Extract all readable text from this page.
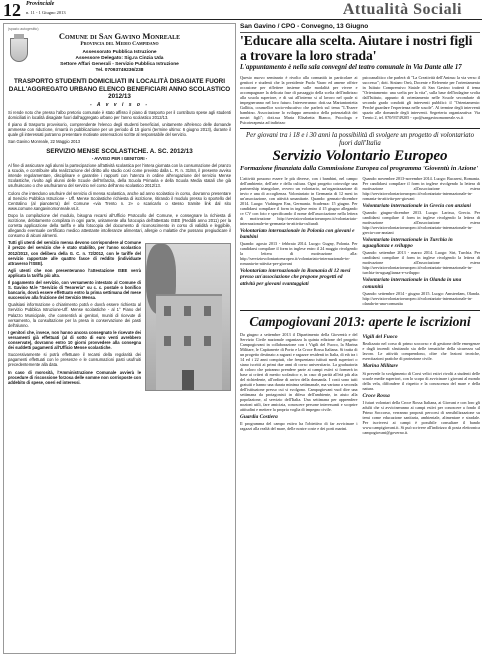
12 Provinciale
n. 11 - 1 Giugno 2013	Attualità Sociali
(spazio autogestito)
Comune di San Gavino Monreale
Provincia del Medio Campidano
Assessorato Pubblica Istruzione
Assessore Delegato: Sig.ra Cinzia Uda
Settore Affari Generali - Servizio Pubblica Istruzione
Tel. 07093749236/238
TRASPORTO STUDENTI DOMICILIATI IN LOCALITÀ DISAGIATE FUORI DALL'AGGREGATO URBANO ELENCO BENEFICIARI ANNO SCOLASTICO 2012/13
- A v v i s o -
Si rende noto che presso l'albo pretorio comunale è stato affisso il piano di trasporto per il contributo spese agli studenti domiciliati in località disagiate fuori dall'aggregato urbano per l'anno scolastico 2012/13.
Il piano di trasporto provvisorio, comprendente l'elenco degli studenti beneficiari, unitamente all'elenco delle domande ammesse con riduzione, rimarrà in pubblicazione per un periodo di 15 giorni (termine ultimo: 6 giugno 2013), durante il quale gli interessati potranno presentare motivate osservazioni scritte al responsabile del servizio.
San Gavino Monreale, 22 Maggio 2013
SERVIZIO MENSE SCOLASTICHE. A. SC. 2012/13
- AVVISO PER I GENITORI -
Al fine di assicurare agli alunni la partecipazione all'attività scolastica per l'intera giornata con la consumazione del pranzo a scuola, e contribuire alla realizzazione del diritto allo studio così come previsto dalla L. R. n. 31/84, il presente avviso intende regolamentare, disciplinare e garantire i rapporti con l'utenza in ordine all'erogazione del servizio Mense Scolastiche, rivolto agli alunni delle Scuole dell'Infanzia, della Scuola Primaria e della Scuola Media statali che già usufruiscono o che usufruiranno del servizio nel corso dell'anno scolastico 2012/13.
Coloro che intendono usufruire del servizio di mensa scolastica, anche ad anno scolastico in corso, dovranno presentare al Servizio Pubblica Istruzione - Uff. Mense Scolastiche richiesta di iscrizione, ritirando il modulo presso lo sportello del Centralino (al pianoterra) del Comune «via Trento n. 2» o scaricarlo o stesso tramite link dal sito www.comune.sangavinomonreale.vs.it.
Dopo la compilazione del modulo, bisogna recarsi all'Ufficio Protocollo del Comune, e consegnare la richiesta di iscrizione, debitamente compilata in ogni parte, unitamente alla fotocopia dell'attestato ISEE (Redditi anno 2011) per la corretta applicazione della tariffa e alla fotocopia del documento di riconoscimento in corso di validità e leggibile, allegando eventuale certificato medico attestante intolleranze alimentari, allergie o malattie che possano pregiudicare il consumo di alcuni alimenti.
Tutti gli utenti del servizio mensa devono corrispondere al Comune il prezzo del servizio che è stato stabilito, per l'anno scolastico 2012/2013, con delibera della G. C. n. 72/2012, con le tariffe del servizio rapportate alle quattro fasce di reddito (individuate attraverso l'ISEE).
Agli utenti che non presenteranno l'attestazione ISEE verrà applicata la tariffa più alta.
Il pagamento del servizio, con versamento intestato al Comune di S. Gavino M.le "Servizio di Tesoreria" su c. c. postale o bonifico bancario, dovrà essere effettuato entro la prima settimana del mese successivo alla fruizione del Servizio Mensa.
Qualsiasi informazione o chiarimento potrà e dovrà essere richiesto al Servizio Pubblica Istruzione-Uff. Mense scolastiche - al 1° Piano del Palazzo Municipale, che consentirà ai genitori, muniti di ricevute di versamento, la consultazione per la presa in conservazione dei pasti dell'alunno.
I genitori che, invece, non hanno ancora consegnato le ricevute dei versamenti già effettuati (al di sotto di euro venti avrebbero conservate), dovranno entro 10 giorni provvedere alla consegna dei suddetti pagamenti all'Ufficio Mense scolastiche.
Successivamente si potrà effettuare il recarsi della regolarità dei pagamenti effettuati con le presenze e le consumazioni pasti usufruiti precedentemente alla data.
In caso di morosità, l'Amministrazione Comunale avvierà le procedure di riscossione forzosa delle somme non corrisposte con addebito di spese, oneri ed interessi.
San Gavino / CPO - Convegno, 13 Giugno
'Educare alla scelta. Aiutare i nostri figli a trovare la loro strada'
L'appuntamento è nella sala convegni del teatro comunale in Via Dante alle 17
Questo nuovo seminario è rivolto alla comunità in particolare ai genitori e studenti che la presidente Paola Vaaro ed amene offrire occasione per riflettere insieme sulle modalità per vivere e accompagnare la delicata fase di passaggio della scelta dell'indirizzo alla scuola superiore, e di sui all'interno si al lavoro nel quale si impegneranno nel loro futuro. Interverranno: dott.ssa Mariantonietta Gallitta, counsellor socio-educativo che parlerà sul tema "L'Essere bambino. Associazione lo sviluppo armonico della potenzialità dei nostri figli"; dott.ssa Maria Elisabetta Bianco, Psicologa e Psicoterapeuta ad indirizzo
psicoanalitico che parlerà di "La Creatività dell'Anima: la via verso il successo"; dott. Siniaeo Orrù, Docente e Referente per l'orientamento in Istituto Comprensivo Statale di San Gavino tratterà il tema "Orientamento: una scelta per la vita", sulla base dell'indagine svolta dall'Istituto, appunto di orientamento nelle Scuole secondarie di secondo grado condotti gli interventi pubblici: il "Orientamento: Perché guardare l'esperienza nelle scuole". Al termine degli interventi spazio alle domande degli interventi. Segreteria organizzativa: Via Trento 2, tel. 070/93749205 - cpo@sangavinomonreale.vs.it
Per giovani tra i 18 e i 30 anni la possibilità di svolgere un progetto di volontariato fuori dall'Italia
Servizio Volontario Europeo
Formazione finanziata dalla Commissione Europea col programma 'Gioventù in Azione'

L'attività possono essere le più diverse, con i bambini, nel campo dell'ambiente, dell'arte e della cultura. Ogni progetto coinvolge una partnership triangolare, ovvero un volontario, un'organizzazione di invio e una di accoglienza. Volontariato in Germania di 12 mesi in un'associazione, con attività umanitarie. Quando: gennaio-dicembre 2014. Luogo: Viahingen Enz, Germania. Scadenza: 15 giugno. Per candidarsi compilare il form in inglese entro il 15 giugno allegando cv CV con foto e specificando il nome dell'associazione nella lettera di motivazione http://serviziovolontarioeuropeo.it/volontariato-internazionale-in-germania-in-attivita-culturali

Volontariato internazionale in Polonia con giovani e bambini

Quando: agosto 2013 - febbraio 2014. Luogo: Gugny, Polonia. Per candidarsi compilare il form in inglese entro il 24 maggio rivolgendo la lettera di motivazione alla: http://serviziovolontarioeuropeo.it/volontariato-internazionale-in-romania-in-attivita-per-giovani

Volontariato internazionale in Romania di 12 mesi presso un'associazione che propone progetti ed attività per giovani svantaggiati

Quando: novembre 2013-novembre 2014. Luogo: Bucarest, Romania. Per candidarsi compilare il form in inglese rivolgendo la lettera di motivazione all'associazione estera http://serviziovolontarioeuropeo.it/volontariato-internazionale-in-romania-in-attivita-per-giovani

Volontariato internazionale in Grecia con anziani

Quando: giugno-dicembre 2013. Luogo: Larissa, Grecia. Per candidarsi compilare il form in inglese rivolgendo la lettera di motivazione all'associazione estera http://serviziovolontarioeuropeo.it/volontariato-internazionale-in-grecia-con-anziani

Volontariato internazionale in Turchia in uguaglianza e sviluppo

Quando: settembre 2013 - marzo 2014. Luogo: Sirt, Turchia. Per candidarsi compilare il form in inglese rivolgendo la lettera di motivazione all'associazione estera http://serviziovolontarioeuropeo.it/volontariato-internazionale-in-turchia-in-uguaglianza-e-sviluppo

Volontariato internazionale in Olanda in una comunità

Quando: settembre 2014 - giugno 2015. Luogo: Amsterdam, Olanda. http://serviziovolontarioeuropeo.it/volontariato-internazionale-in-olanda-in-una-comunita

Campogiovani 2013: aperte le iscrizioni

Da giugno a settembre 2013 il Dipartimento della Gioventù e del Servizio Civile nazionale organizza la quinta edizione del progetto Campogiovani in collaborazione con i Vigili del Fuoco, la Marina Militare, le Capitanerie di Porto e la Croce Rossa Italiana. Si tratta di un progetto destinato a ragazzi e ragazze residenti in Italia, di età tra i 14 ed i 22 anni compiuti, che frequentano istituti medi superiori o siano iscritti ai primi due anni di corso universitario. La graduatoria di coloro che potranno prendere parte ai campi estivi si formerà in base ai criteri di merito scolastico e, in caso di parità all'età più alta del richiedente, all'ordine di arrivo della domanda. I costi sono tutti gratuiti e hanno una durata minima settimanale, ma variano a seconda dell'istituzione presso cui si svolgono. Campogiovani vuol dire una settimana da protagonisti in difesa dell'ambiente, in aiuto alla popolazione, al servizio dell'Italia. Una settimana per apprendere nozioni utili, fare amicizia, conoscere persone interessanti e scoprire attitudini e mettere la propria voglia di impegno civile.

Guardia Costiera

Il programma del campo estivo ha l'obiettivo di far avvicinare i ragazzi alla realtà del mare, delle nostre coste e dei porti marini.

Vigili del Fuoco

Realizzato nel corso di primo soccorso e di gestione delle emergenze e dagli incendi sfruttando sia delle tematiche della sicurezza sul lavoro. Le attività comprendono, oltre che lezioni teoriche, esercitazioni pratiche di protezione civile.

Marina Militare

Si prevede lo svolgimento di Corsi velici estivi rivolti a studenti delle scuole medie superiori, con lo scopo di avvicinare i giovani al mondo della vela, diffondere il rispetto e la conoscenza del mare e della natura.

Croce Rossa

I futuri volontari della Croce Rossa Italiana, ai Giovani e con loro gli adulti che si avvicineranno ai campi estivi per conoscere a fondo il Primo Soccorso, verranno proposti percorsi di sensibilizzazione su temi come educazione sanitaria, ambientale, alimentare e stradale. Per iscriversi ai campi è possibile consultare il bando www.campigiovani.it. Si può scrivere all'indirizzo di posta elettronica campogiovani@governo.it.
